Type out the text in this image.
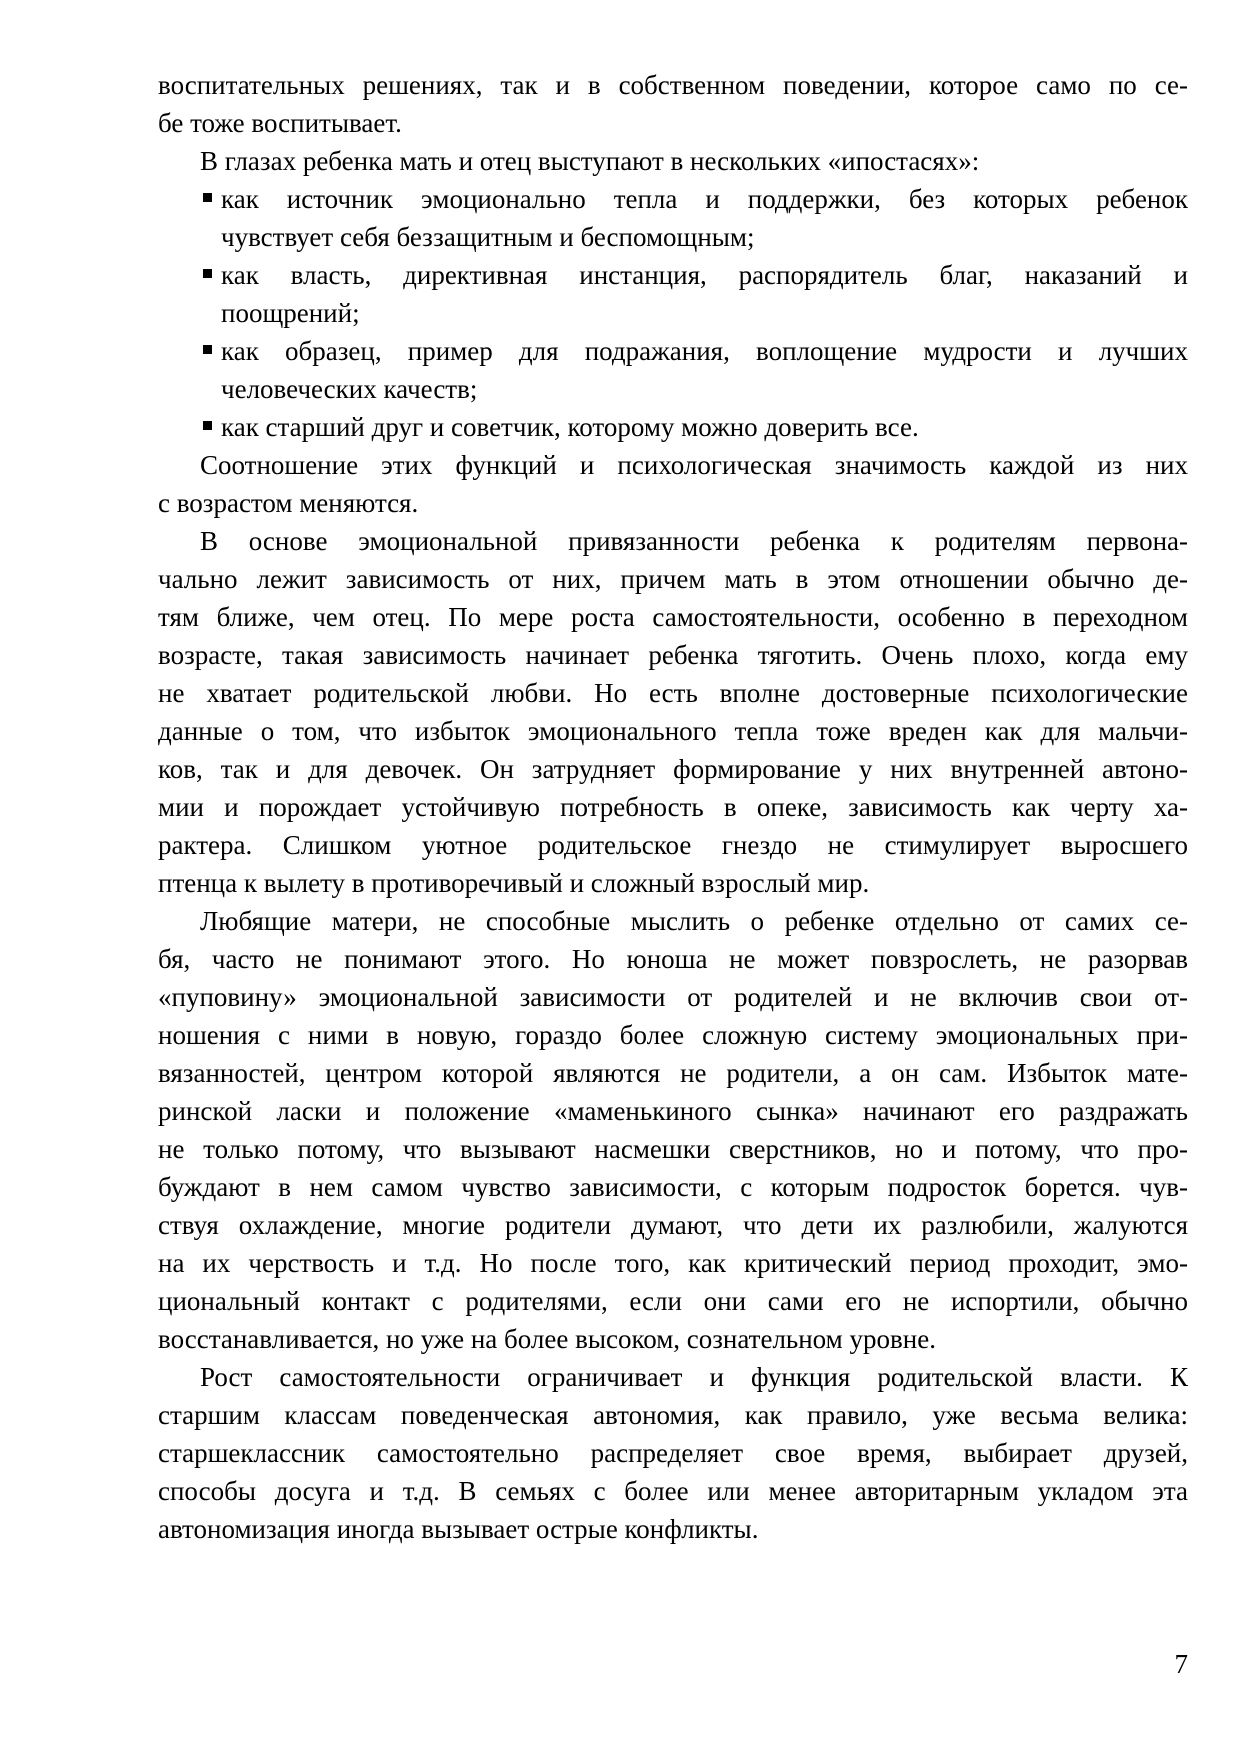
воспитательных решениях, так и в собственном поведении, которое само по се-
бе тоже воспитывает.
В глазах ребенка мать и отец выступают в нескольких «ипостасях»:
как источник эмоционально тепла и поддержки, без которых ребенок
чувствует себя беззащитным и беспомощным;
как власть, директивная инстанция, распорядитель благ, наказаний и
поощрений;
как образец, пример для подражания, воплощение мудрости и лучших
человеческих качеств;
как старший друг и советчик, которому можно доверить все.
Соотношение этих функций и психологическая значимость каждой из них
с возрастом меняются.
В основе эмоциональной привязанности ребенка к родителям первона-
чально лежит зависимость от них, причем мать в этом отношении обычно де-
тям ближе, чем отец. По мере роста самостоятельности, особенно в переходном
возрасте, такая зависимость начинает ребенка тяготить. Очень плохо, когда ему
не хватает родительской любви. Но есть вполне достоверные психологические
данные о том, что избыток эмоционального тепла тоже вреден как для мальчи-
ков, так и для девочек. Он затрудняет формирование у них внутренней автоно-
мии и порождает устойчивую потребность в опеке, зависимость как черту ха-
рактера. Слишком уютное родительское гнездо не стимулирует выросшего
птенца к вылету в противоречивый и сложный взрослый мир.
Любящие матери, не способные мыслить о ребенке отдельно от самих се-
бя, часто не понимают этого. Но юноша не может повзрослеть, не разорвав
«пуповину» эмоциональной зависимости от родителей и не включив свои от-
ношения с ними в новую, гораздо более сложную систему эмоциональных при-
вязанностей, центром которой являются не родители, а он сам. Избыток мате-
ринской ласки и положение «маменькиного сынка» начинают его раздражать
не только потому, что вызывают насмешки сверстников, но и потому, что про-
буждают в нем самом чувство зависимости, с которым подросток борется. чув-
ствуя охлаждение, многие родители думают, что дети их разлюбили, жалуются
на их черствость и т.д. Но после того, как критический период проходит, эмо-
циональный контакт с родителями, если они сами его не испортили, обычно
восстанавливается, но уже на более высоком, сознательном уровне.
Рост самостоятельности ограничивает и функция родительской власти. К
старшим классам поведенческая автономия, как правило, уже весьма велика:
старшеклассник самостоятельно распределяет свое время, выбирает друзей,
способы досуга и т.д. В семьях с более или менее авторитарным укладом эта
автономизация иногда вызывает острые конфликты.
7
